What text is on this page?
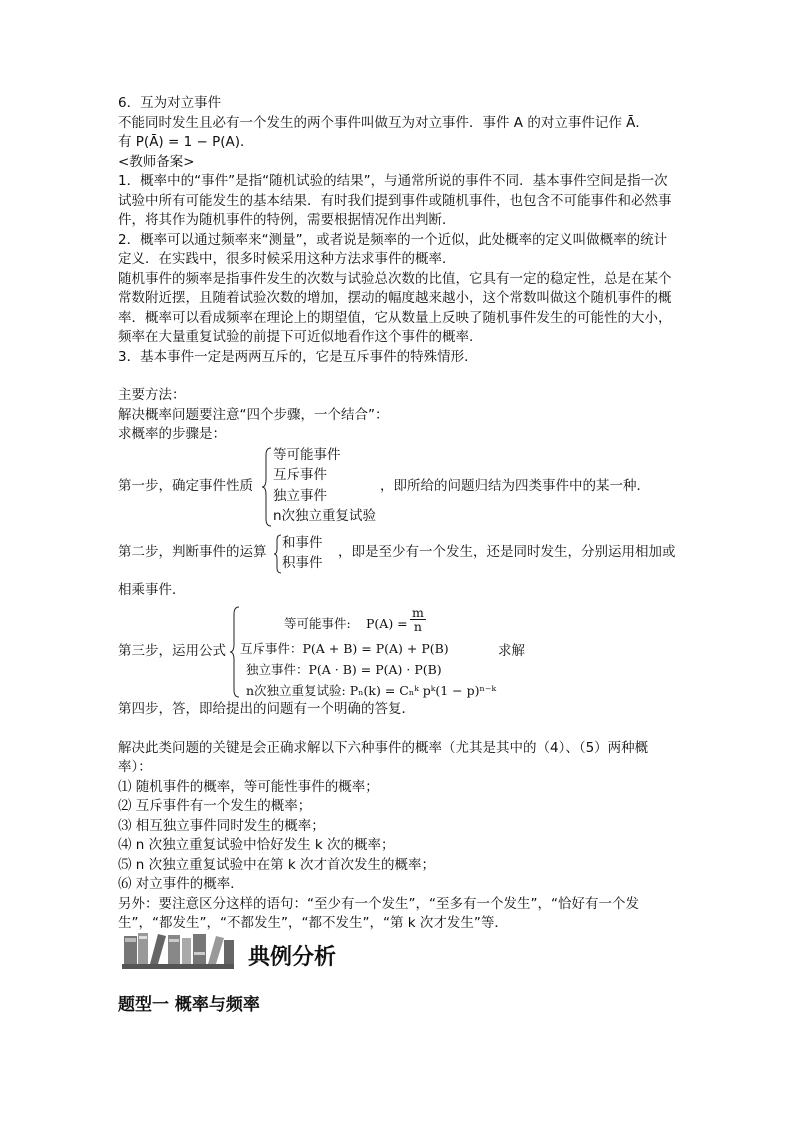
6．互为对立事件
不能同时发生且必有一个发生的两个事件叫做互为对立事件．事件 A 的对立事件记作 Ā．
有 P(Ā) = 1 − P(A)．
<教师备案>
1．概率中的“事件”是指“随机试验的结果”，与通常所说的事件不同．基本事件空间是指一次试验中所有可能发生的基本结果．有时我们提到事件或随机事件，也包含不可能事件和必然事件，将其作为随机事件的特例，需要根据情况作出判断．
2．概率可以通过频率来“测量”，或者说是频率的一个近似，此处概率的定义叫做概率的统计定义．在实践中，很多时候采用这种方法求事件的概率．
随机事件的频率是指事件发生的次数与试验总次数的比值，它具有一定的稳定性，总是在某个常数附近摆，且随着试验次数的增加，摆动的幅度越来越小，这个常数叫做这个随机事件的概率．概率可以看成频率在理论上的期望值，它从数量上反映了随机事件发生的可能性的大小，频率在大量重复试验的前提下可近似地看作这个事件的概率．
3．基本事件一定是两两互斥的，它是互斥事件的特殊情形．
主要方法：
解决概率问题要注意“四个步骤，一个结合”：
求概率的步骤是：
第一步，确定事件性质
等可能事件
互斥事件
独立事件
n次独立重复试验
，即所给的问题归结为四类事件中的某一种．
第二步，判断事件的运算
和事件
积事件
，即是至少有一个发生，还是同时发生，分别运用相加或
相乘事件．
第三步，运用公式
等可能事件: $P(A) = \frac{m}{n}$
互斥事件：P(A + B) = P(A) + P(B)
独立事件：P(A · B) = P(A) · P(B)
n次独立重复试验: Pₙ(k) = Cₙᵏ pᵏ(1 − p)ⁿ⁻ᵏ
求解
第四步，答，即给提出的问题有一个明确的答复．
解决此类问题的关键是会正确求解以下六种事件的概率（尤其是其中的（4）、（5）两种概率）：
⑴ 随机事件的概率，等可能性事件的概率；
⑵ 互斥事件有一个发生的概率；
⑶ 相互独立事件同时发生的概率；
⑷ n 次独立重复试验中恰好发生 k 次的概率；
⑸ n 次独立重复试验中在第 k 次才首次发生的概率；
⑹ 对立事件的概率．
另外：要注意区分这样的语句：“至少有一个发生”，“至多有一个发生”，“恰好有一个发生”，“都发生”，“不都发生”，“都不发生”，“第 k 次才发生”等．
典例分析
题型一 概率与频率
